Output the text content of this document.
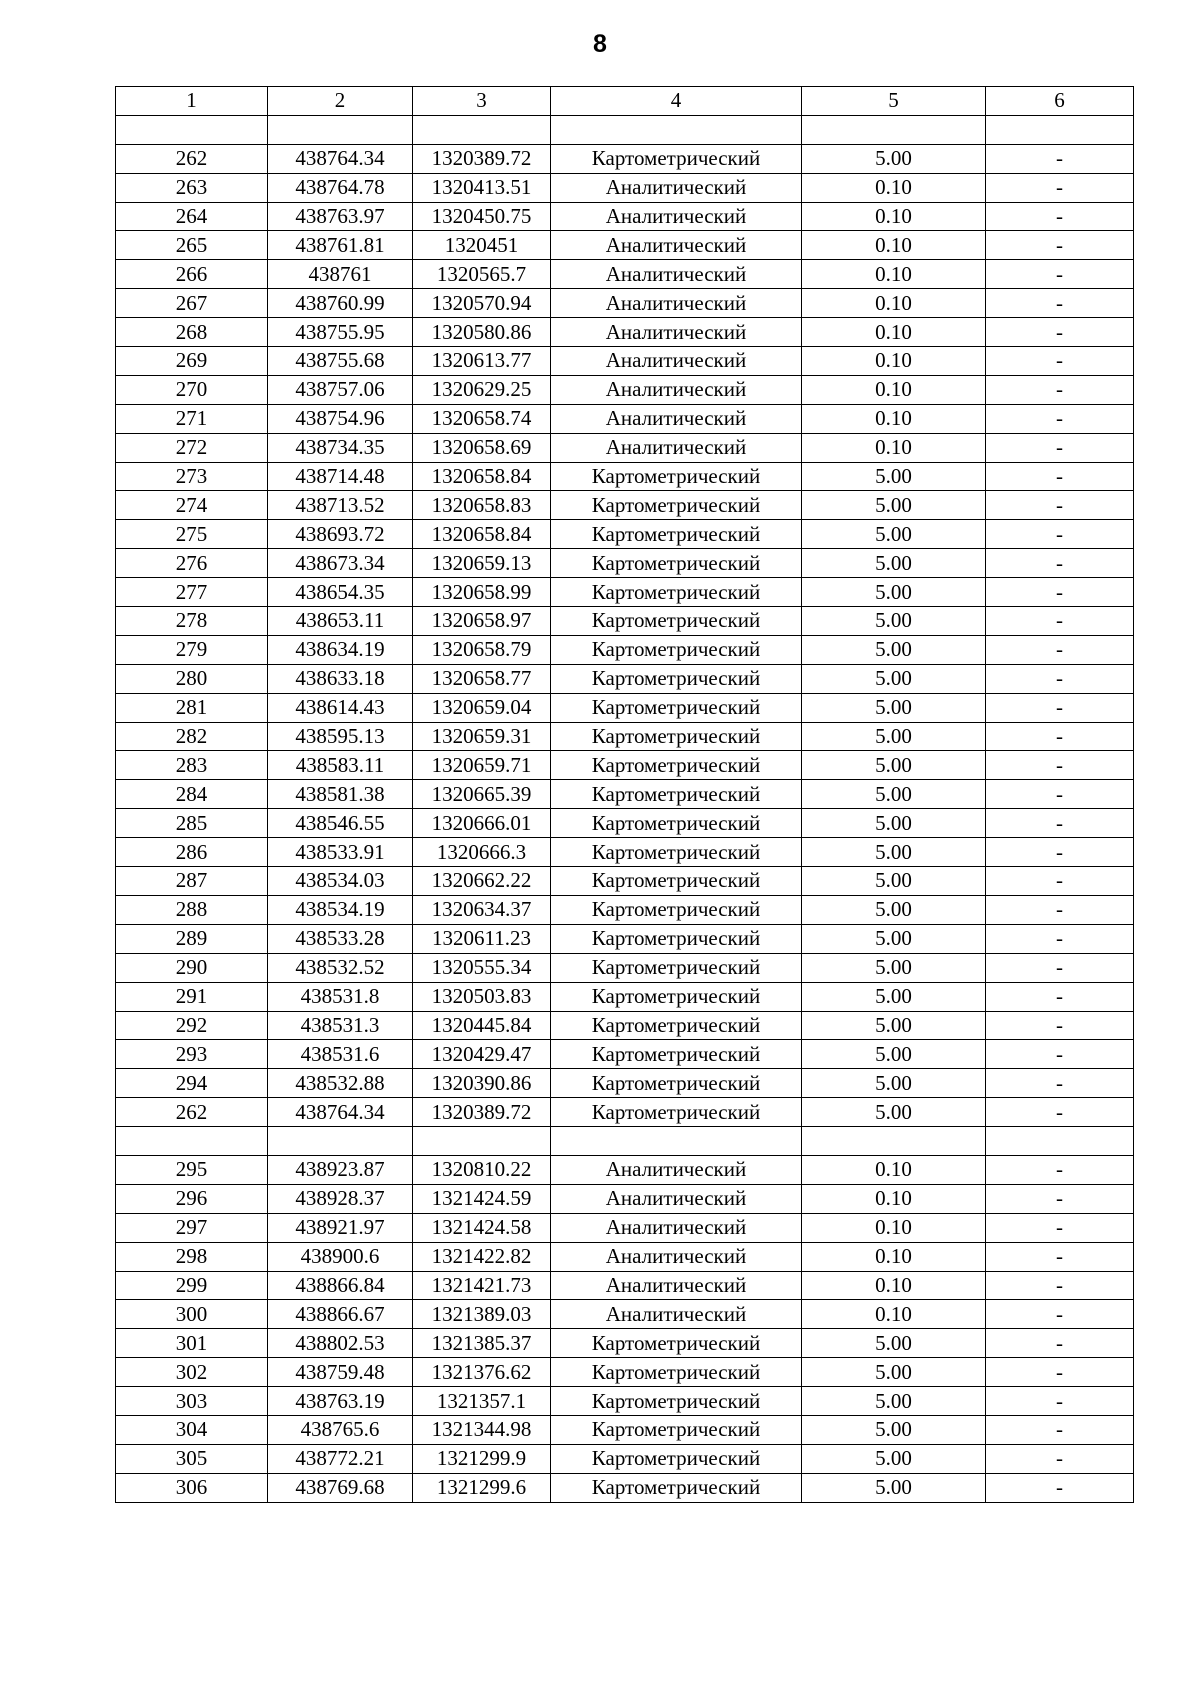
8
1	2	3	4	5	6

262	438764.34	1320389.72	Картометрический	5.00	-
263	438764.78	1320413.51	Аналитический	0.10	-
264	438763.97	1320450.75	Аналитический	0.10	-
265	438761.81	1320451	Аналитический	0.10	-
266	438761	1320565.7	Аналитический	0.10	-
267	438760.99	1320570.94	Аналитический	0.10	-
268	438755.95	1320580.86	Аналитический	0.10	-
269	438755.68	1320613.77	Аналитический	0.10	-
270	438757.06	1320629.25	Аналитический	0.10	-
271	438754.96	1320658.74	Аналитический	0.10	-
272	438734.35	1320658.69	Аналитический	0.10	-
273	438714.48	1320658.84	Картометрический	5.00	-
274	438713.52	1320658.83	Картометрический	5.00	-
275	438693.72	1320658.84	Картометрический	5.00	-
276	438673.34	1320659.13	Картометрический	5.00	-
277	438654.35	1320658.99	Картометрический	5.00	-
278	438653.11	1320658.97	Картометрический	5.00	-
279	438634.19	1320658.79	Картометрический	5.00	-
280	438633.18	1320658.77	Картометрический	5.00	-
281	438614.43	1320659.04	Картометрический	5.00	-
282	438595.13	1320659.31	Картометрический	5.00	-
283	438583.11	1320659.71	Картометрический	5.00	-
284	438581.38	1320665.39	Картометрический	5.00	-
285	438546.55	1320666.01	Картометрический	5.00	-
286	438533.91	1320666.3	Картометрический	5.00	-
287	438534.03	1320662.22	Картометрический	5.00	-
288	438534.19	1320634.37	Картометрический	5.00	-
289	438533.28	1320611.23	Картометрический	5.00	-
290	438532.52	1320555.34	Картометрический	5.00	-
291	438531.8	1320503.83	Картометрический	5.00	-
292	438531.3	1320445.84	Картометрический	5.00	-
293	438531.6	1320429.47	Картометрический	5.00	-
294	438532.88	1320390.86	Картометрический	5.00	-
262	438764.34	1320389.72	Картометрический	5.00	-

295	438923.87	1320810.22	Аналитический	0.10	-
296	438928.37	1321424.59	Аналитический	0.10	-
297	438921.97	1321424.58	Аналитический	0.10	-
298	438900.6	1321422.82	Аналитический	0.10	-
299	438866.84	1321421.73	Аналитический	0.10	-
300	438866.67	1321389.03	Аналитический	0.10	-
301	438802.53	1321385.37	Картометрический	5.00	-
302	438759.48	1321376.62	Картометрический	5.00	-
303	438763.19	1321357.1	Картометрический	5.00	-
304	438765.6	1321344.98	Картометрический	5.00	-
305	438772.21	1321299.9	Картометрический	5.00	-
306	438769.68	1321299.6	Картометрический	5.00	-
